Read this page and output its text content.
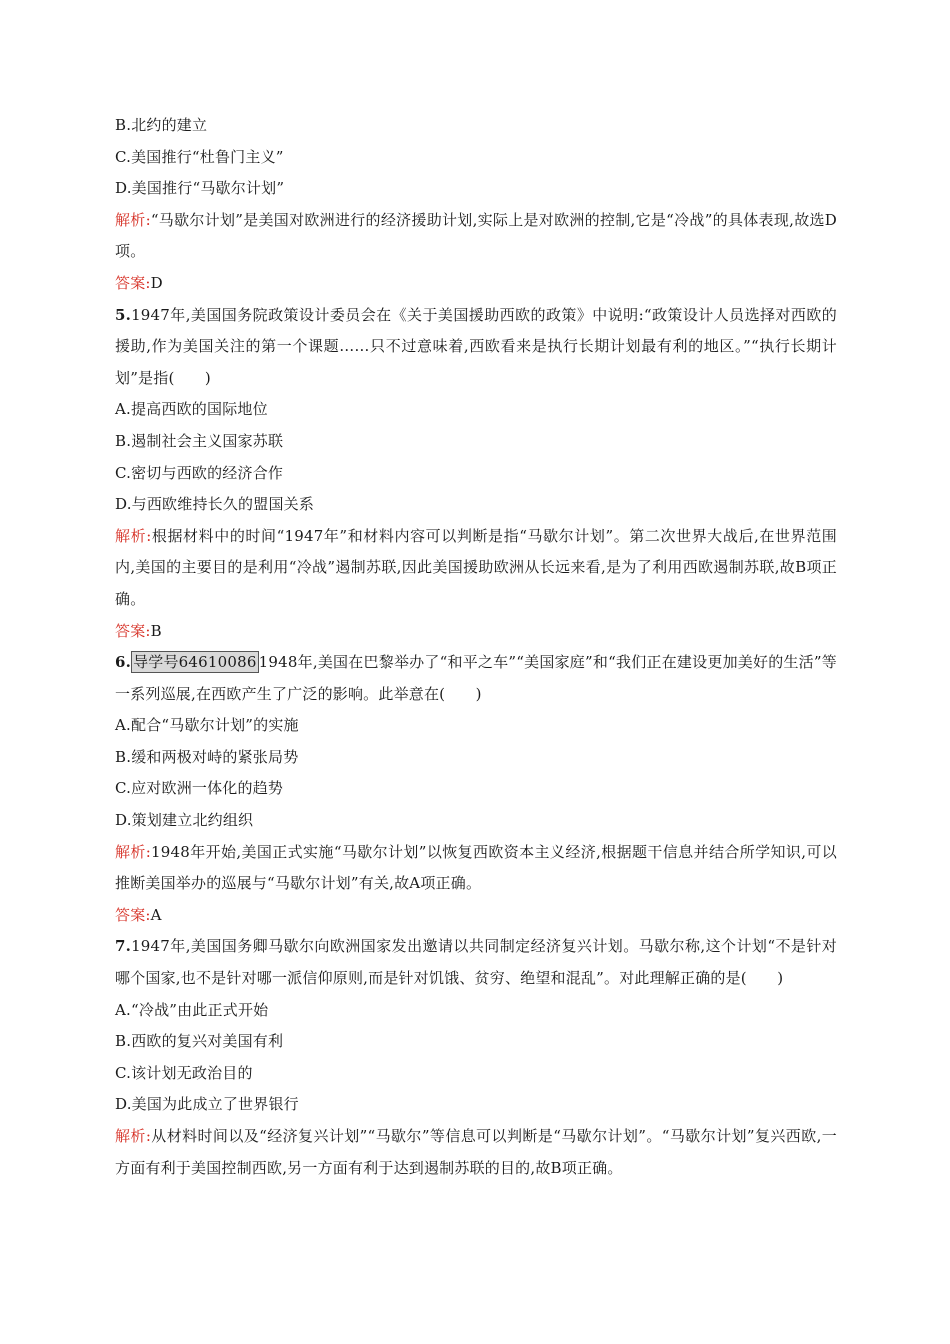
B.北约的建立
C.美国推行“杜鲁门主义”
D.美国推行“马歇尔计划”
解析:“马歇尔计划”是美国对欧洲进行的经济援助计划,实际上是对欧洲的控制,它是“冷战”的具体表现,故选D项。
答案:D
5.1947年,美国国务院政策设计委员会在《关于美国援助西欧的政策》中说明:“政策设计人员选择对西欧的援助,作为美国关注的第一个课题……只不过意味着,西欧看来是执行长期计划最有利的地区。”“执行长期计划”是指(　　)
A.提高西欧的国际地位
B.遏制社会主义国家苏联
C.密切与西欧的经济合作
D.与西欧维持长久的盟国关系
解析:根据材料中的时间“1947年”和材料内容可以判断是指“马歇尔计划”。第二次世界大战后,在世界范围内,美国的主要目的是利用“冷战”遏制苏联,因此美国援助欧洲从长远来看,是为了利用西欧遏制苏联,故B项正确。
答案:B
6. 导学号64610086 1948年,美国在巴黎举办了“和平之车”“美国家庭”和“我们正在建设更加美好的生活”等一系列巡展,在西欧产生了广泛的影响。此举意在(　　)
A.配合“马歇尔计划”的实施
B.缓和两极对峙的紧张局势
C.应对欧洲一体化的趋势
D.策划建立北约组织
解析:1948年开始,美国正式实施“马歇尔计划”以恢复西欧资本主义经济,根据题干信息并结合所学知识,可以推断美国举办的巡展与“马歇尔计划”有关,故A项正确。
答案:A
7.1947年,美国国务卿马歇尔向欧洲国家发出邀请以共同制定经济复兴计划。马歇尔称,这个计划“不是针对哪个国家,也不是针对哪一派信仰原则,而是针对饥饿、贫穷、绝望和混乱”。对此理解正确的是(　　)
A.“冷战”由此正式开始
B.西欧的复兴对美国有利
C.该计划无政治目的
D.美国为此成立了世界银行
解析:从材料时间以及“经济复兴计划”“马歇尔”等信息可以判断是“马歇尔计划”。“马歇尔计划”复兴西欧,一方面有利于美国控制西欧,另一方面有利于达到遏制苏联的目的,故B项正确。
